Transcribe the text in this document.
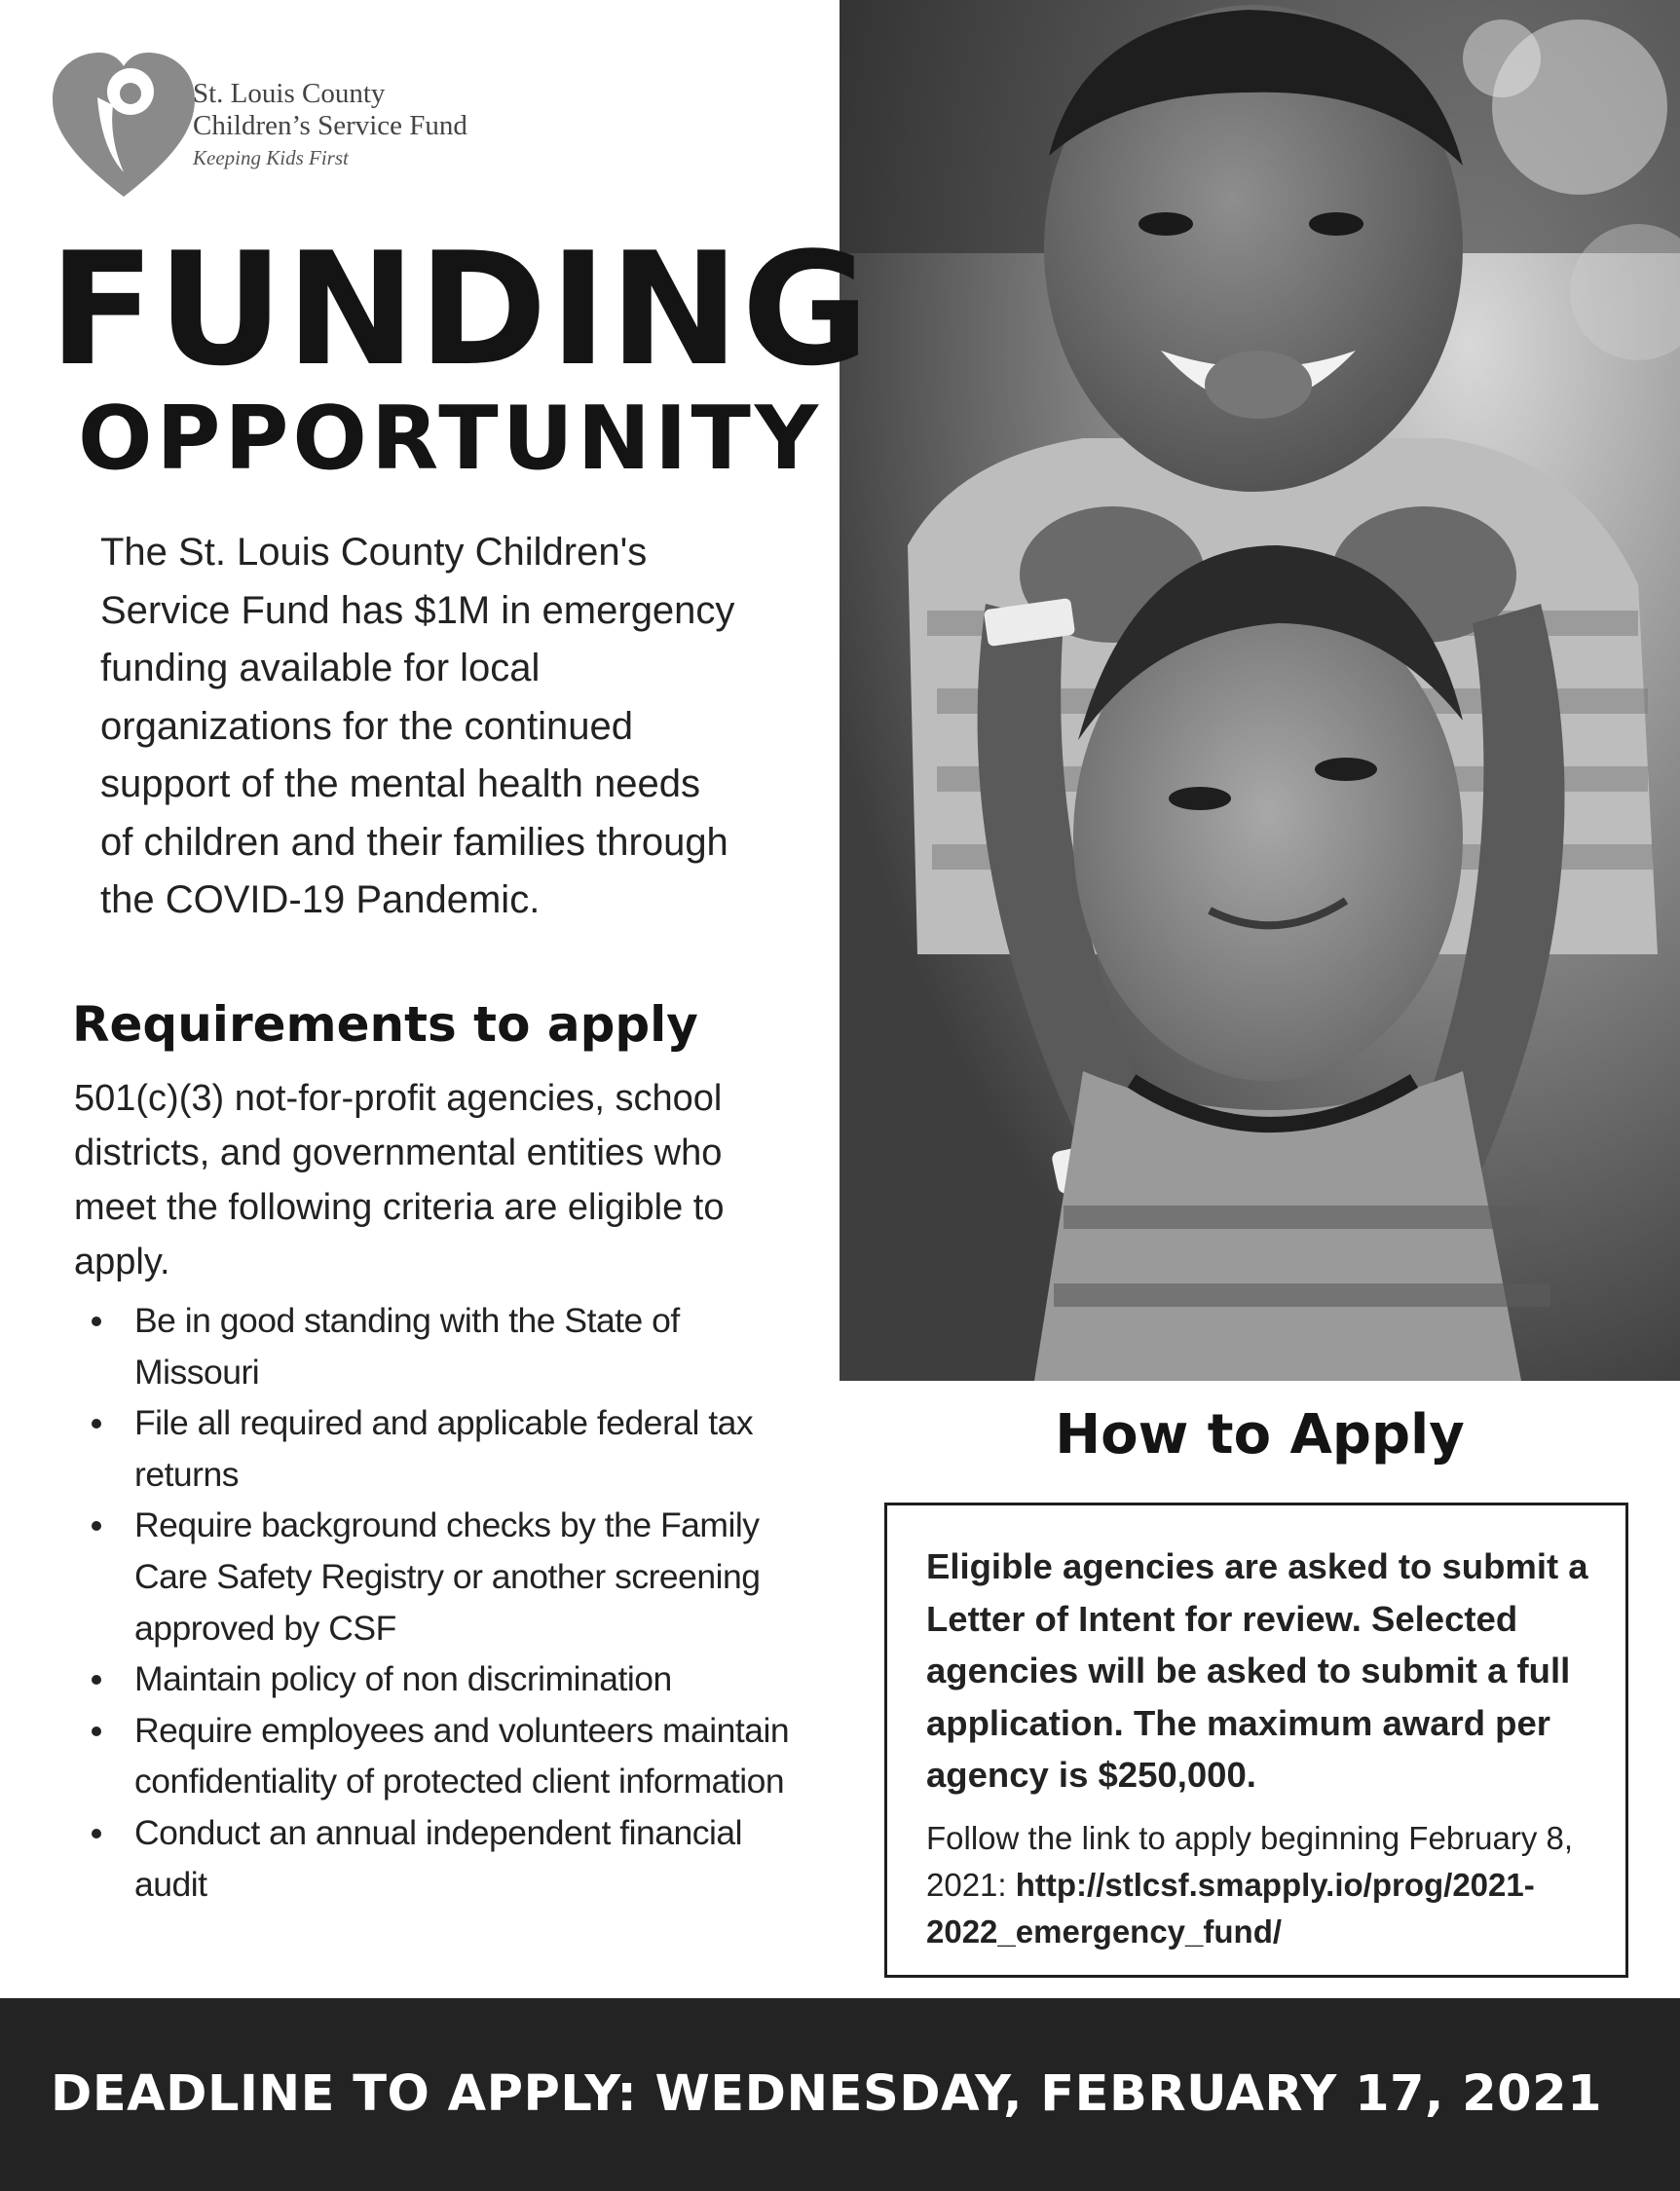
St. Louis County
Children’s Service Fund
Keeping Kids First
FUNDING
OPPORTUNITY
The St. Louis County Children's Service Fund has $1M in emergency funding available for local organizations for the continued support of the mental health needs of children and their families through the COVID-19 Pandemic.
Requirements to apply
501(c)(3) not-for-profit agencies, school districts, and governmental entities who meet the following criteria are eligible to apply.
Be in good standing with the State of Missouri
File all required and applicable federal tax returns
Require background checks by the Family Care Safety Registry or another screening approved by CSF
Maintain policy of non discrimination
Require employees and volunteers maintain confidentiality of protected client information
Conduct an annual independent financial audit
How to Apply
Eligible agencies are asked to submit a Letter of Intent for review. Selected agencies will be asked to submit a full application. The maximum award per agency is $250,000.
Follow the link to apply beginning February 8, 2021: http://stlcsf.smapply.io/prog/2021-2022_emergency_fund/
DEADLINE TO APPLY: WEDNESDAY, FEBRUARY 17, 2021
